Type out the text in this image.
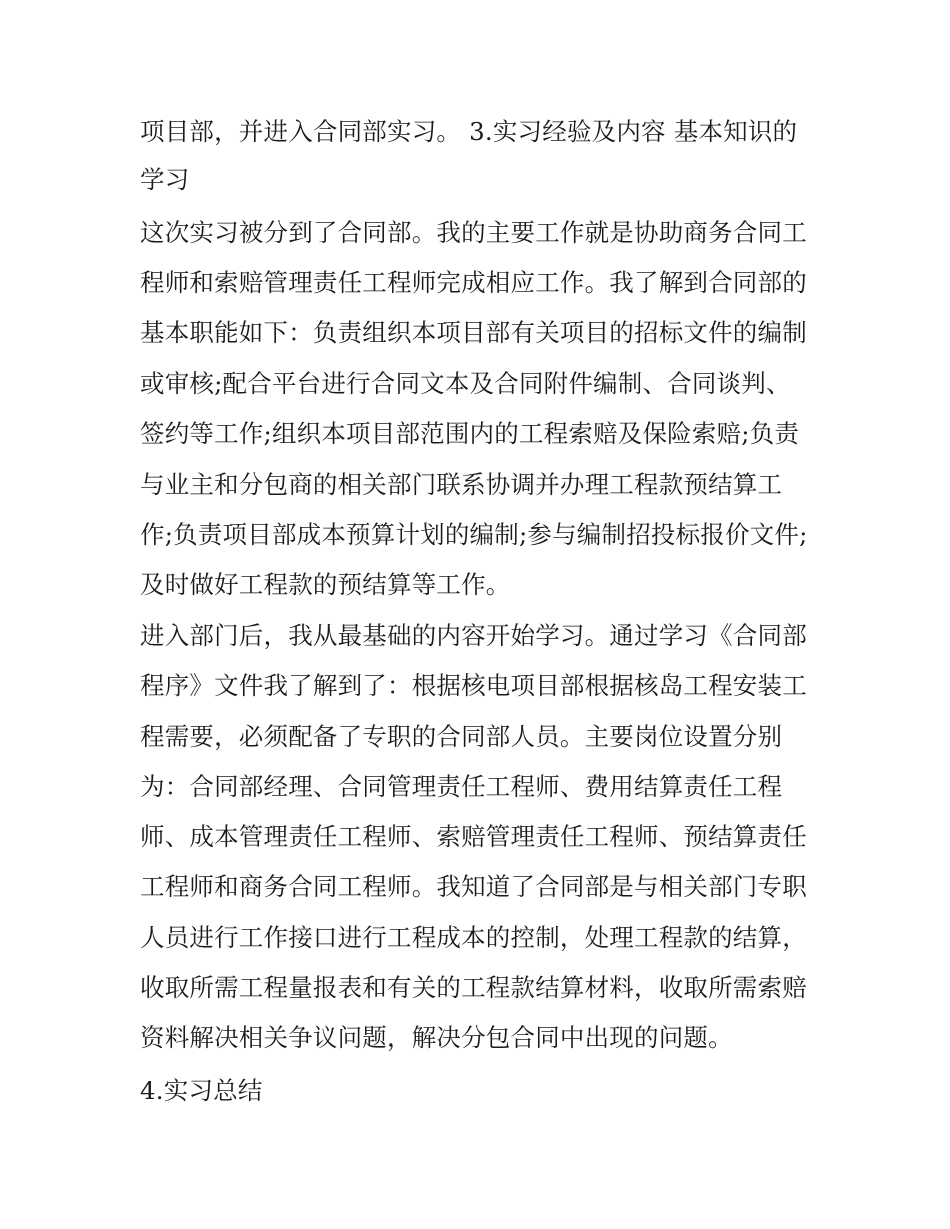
项目部，并进入合同部实习。 3.实习经验及内容 基本知识的
学习
这次实习被分到了合同部。我的主要工作就是协助商务合同工
程师和索赔管理责任工程师完成相应工作。我了解到合同部的
基本职能如下：负责组织本项目部有关项目的招标文件的编制
或审核;配合平台进行合同文本及合同附件编制、合同谈判、
签约等工作;组织本项目部范围内的工程索赔及保险索赔;负责
与业主和分包商的相关部门联系协调并办理工程款预结算工
作;负责项目部成本预算计划的编制;参与编制招投标报价文件;
及时做好工程款的预结算等工作。
进入部门后，我从最基础的内容开始学习。通过学习《合同部
程序》文件我了解到了：根据核电项目部根据核岛工程安装工
程需要，必须配备了专职的合同部人员。主要岗位设置分别
为：合同部经理、合同管理责任工程师、费用结算责任工程
师、成本管理责任工程师、索赔管理责任工程师、预结算责任
工程师和商务合同工程师。我知道了合同部是与相关部门专职
人员进行工作接口进行工程成本的控制，处理工程款的结算，
收取所需工程量报表和有关的工程款结算材料，收取所需索赔
资料解决相关争议问题，解决分包合同中出现的问题。
4.实习总结
